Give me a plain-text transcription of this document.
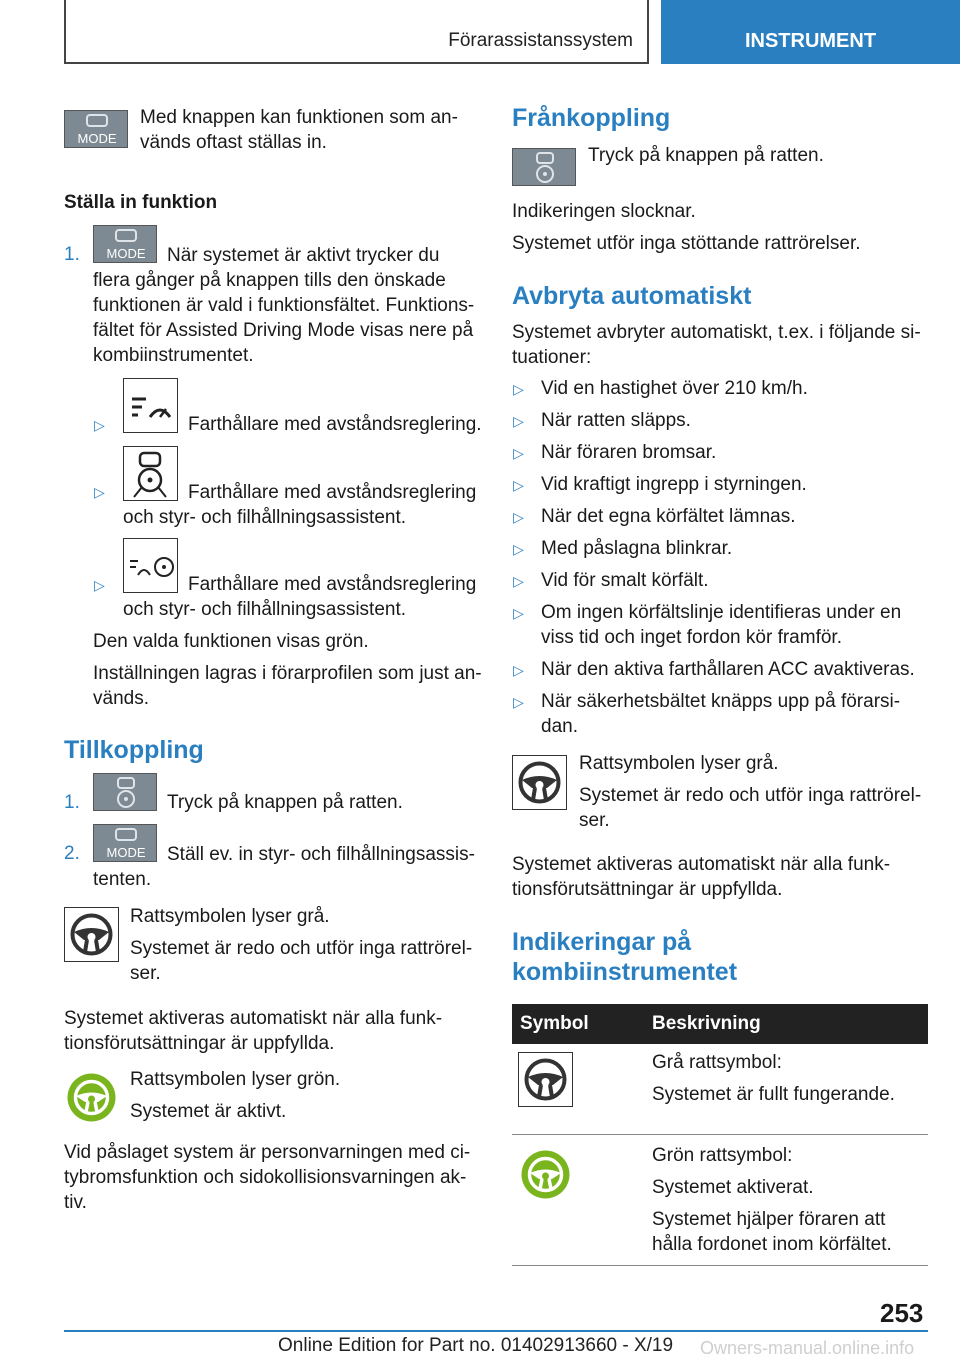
Förarassistanssystem	INSTRUMENT
MODE
Med knappen kan funktionen som an-
vänds oftast ställas in.
Ställa in funktion
1. MODE När systemet är aktivt trycker du
flera gånger på knappen tills den önskade
funktionen är vald i funktionsfältet. Funktions-
fältet för Assisted Driving Mode visas nere på
kombiinstrumentet.
▷	Farthållare med avståndsreglering.
▷	Farthållare med avståndsreglering
och styr- och filhållningsassistent.
▷	Farthållare med avståndsreglering
och styr- och filhållningsassistent.
Den valda funktionen visas grön.
Inställningen lagras i förarprofilen som just an-
vänds.
Tillkoppling
1.	Tryck på knappen på ratten.
2. MODE Ställ ev. in styr- och filhållningsassis-
tenten.
Rattsymbolen lyser grå.
Systemet är redo och utför inga rattrörel-
ser.
Systemet aktiveras automatiskt när alla funk-
tionsförutsättningar är uppfyllda.
Rattsymbolen lyser grön.
Systemet är aktivt.
Vid påslaget system är personvarningen med ci-
tybromsfunktion och sidokollisionsvarningen ak-
tiv.
Frånkoppling
Tryck på knappen på ratten.
Indikeringen slocknar.
Systemet utför inga stöttande rattrörelser.
Avbryta automatiskt
Systemet avbryter automatiskt, t.ex. i följande si-
tuationer:
▷ Vid en hastighet över 210 km/h.
▷ När ratten släpps.
▷ När föraren bromsar.
▷ Vid kraftigt ingrepp i styrningen.
▷ När det egna körfältet lämnas.
▷ Med påslagna blinkrar.
▷ Vid för smalt körfält.
▷ Om ingen körfältslinje identifieras under en
viss tid och inget fordon kör framför.
▷ När den aktiva farthållaren ACC avaktiveras.
▷ När säkerhetsbältet knäpps upp på förarsi-
dan.
Rattsymbolen lyser grå.
Systemet är redo och utför inga rattrörel-
ser.
Systemet aktiveras automatiskt när alla funk-
tionsförutsättningar är uppfyllda.
Indikeringar på
kombiinstrumentet
Symbol	Beskrivning

Grå rattsymbol:
Systemet är fullt fungerande.

Grön rattsymbol:
Systemet aktiverat.
Systemet hjälper föraren att
hålla fordonet inom körfältet.
253
Online Edition for Part no. 01402913660 - X/19 Owners-manual.online.info
